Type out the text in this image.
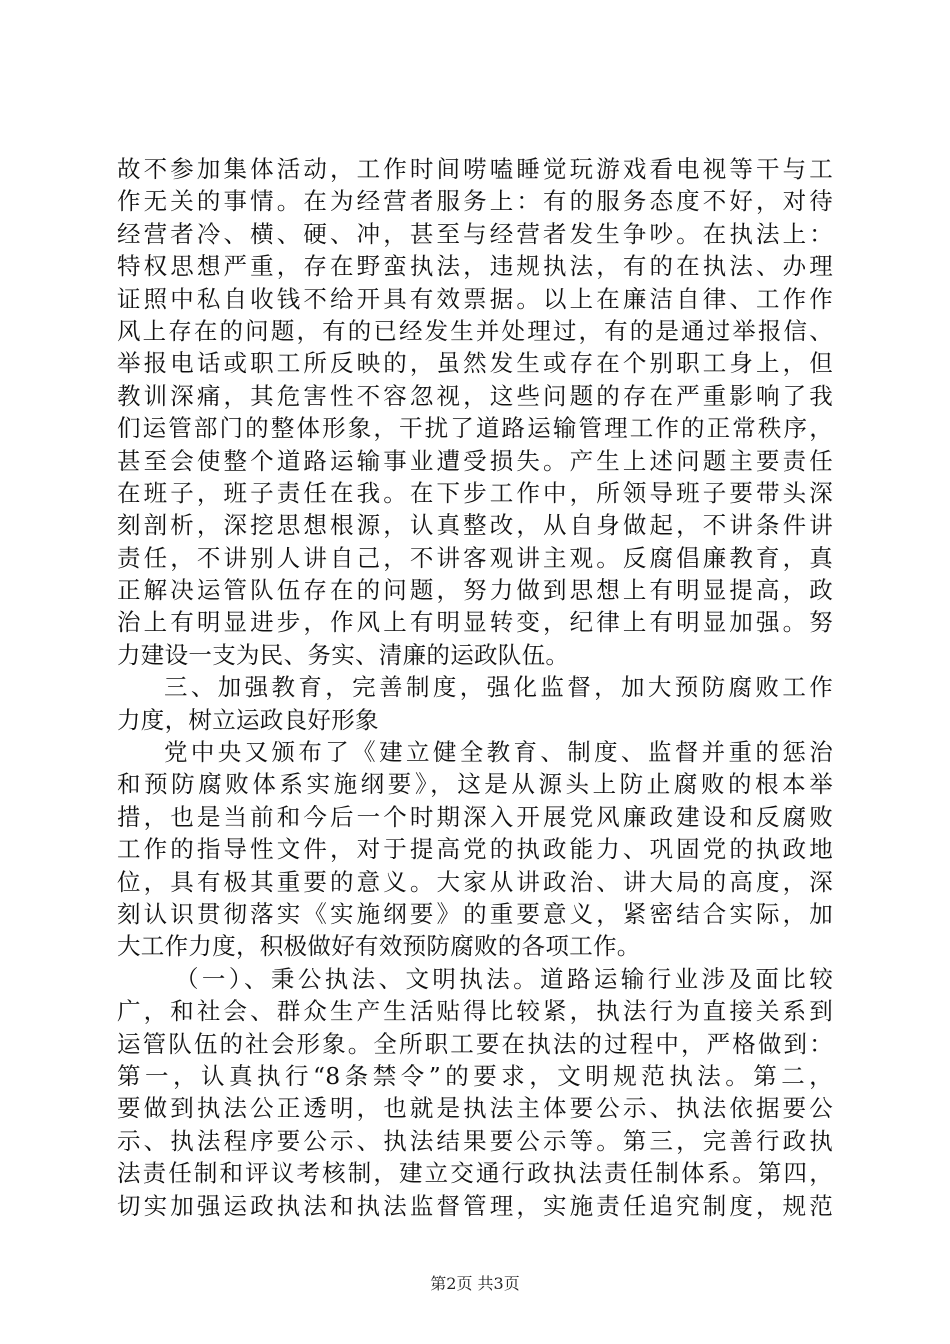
故不参加集体活动，工作时间唠嗑睡觉玩游戏看电视等干与工
作无关的事情。在为经营者服务上：有的服务态度不好，对待
经营者冷、横、硬、冲，甚至与经营者发生争吵。在执法上：
特权思想严重，存在野蛮执法，违规执法，有的在执法、办理
证照中私自收钱不给开具有效票据。以上在廉洁自律、工作作
风上存在的问题，有的已经发生并处理过，有的是通过举报信、
举报电话或职工所反映的，虽然发生或存在个别职工身上，但
教训深痛，其危害性不容忽视，这些问题的存在严重影响了我
们运管部门的整体形象，干扰了道路运输管理工作的正常秩序，
甚至会使整个道路运输事业遭受损失。产生上述问题主要责任
在班子，班子责任在我。在下步工作中，所领导班子要带头深
刻剖析，深挖思想根源，认真整改，从自身做起，不讲条件讲
责任，不讲别人讲自己，不讲客观讲主观。反腐倡廉教育，真
正解决运管队伍存在的问题，努力做到思想上有明显提高，政
治上有明显进步，作风上有明显转变，纪律上有明显加强。努
力建设一支为民、务实、清廉的运政队伍。
三、加强教育，完善制度，强化监督，加大预防腐败工作
力度，树立运政良好形象
党中央又颁布了《建立健全教育、制度、监督并重的惩治
和预防腐败体系实施纲要》，这是从源头上防止腐败的根本举
措，也是当前和今后一个时期深入开展党风廉政建设和反腐败
工作的指导性文件，对于提高党的执政能力、巩固党的执政地
位，具有极其重要的意义。大家从讲政治、讲大局的高度，深
刻认识贯彻落实《实施纲要》的重要意义，紧密结合实际，加
大工作力度，积极做好有效预防腐败的各项工作。
（一）、秉公执法、文明执法。道路运输行业涉及面比较
广，和社会、群众生产生活贴得比较紧，执法行为直接关系到
运管队伍的社会形象。全所职工要在执法的过程中，严格做到：
第一，认真执行“8条禁令”的要求，文明规范执法。第二，
要做到执法公正透明，也就是执法主体要公示、执法依据要公
示、执法程序要公示、执法结果要公示等。第三，完善行政执
法责任制和评议考核制，建立交通行政执法责任制体系。第四，
切实加强运政执法和执法监督管理，实施责任追究制度，规范
第2页 共3页
